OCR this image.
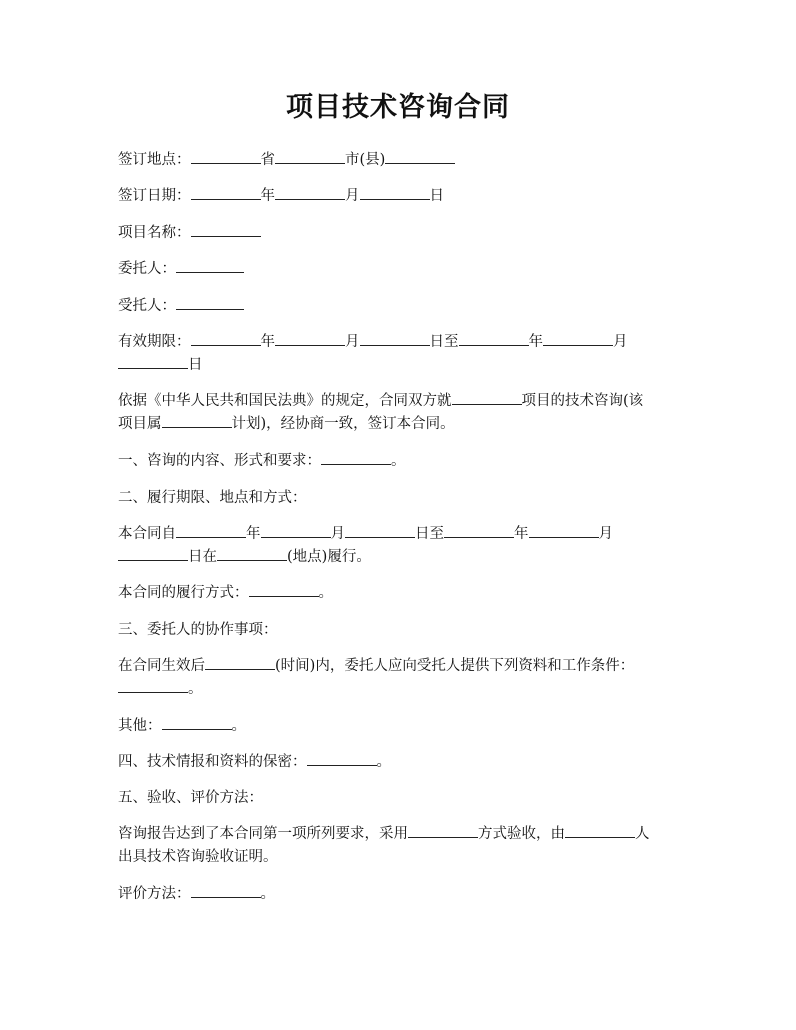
项目技术咨询合同
签订地点：	省	市(县)
签订日期：	年	月	日
项目名称：
委托人：
受托人：
有效期限：	年	月	日至	年	月
日
依据《中华人民共和国民法典》的规定，合同双方就	项目的技术咨询(该
项目属	计划)，经协商一致，签订本合同。
一、咨询的内容、形式和要求：	。
二、履行期限、地点和方式：
本合同自	年	月	日至	年	月
日在	(地点)履行。
本合同的履行方式：	。
三、委托人的协作事项：
在合同生效后	(时间)内，委托人应向受托人提供下列资料和工作条件：
。
其他：	。
四、技术情报和资料的保密：	。
五、验收、评价方法：
咨询报告达到了本合同第一项所列要求，采用	方式验收，由	人
出具技术咨询验收证明。
评价方法：	。
